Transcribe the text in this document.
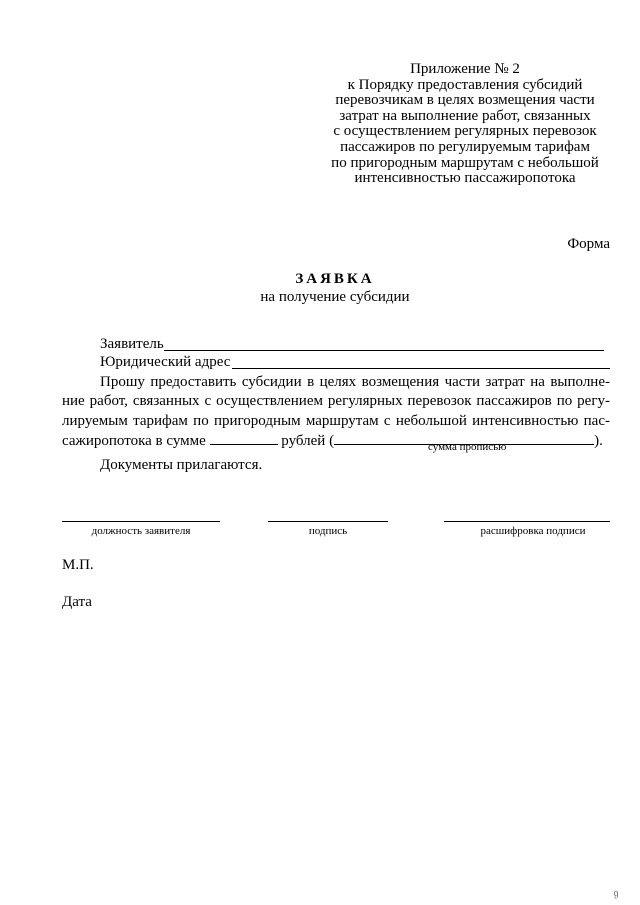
Приложение № 2
к Порядку предоставления субсидий
перевозчикам в целях возмещения части
затрат на выполнение работ, связанных
с осуществлением регулярных перевозок
пассажиров по регулируемым тарифам
по пригородным маршрутам с небольшой
интенсивностью пассажиропотока
Форма
ЗАЯВКА
на получение субсидии
Заявитель
Юридический адрес
Прошу предоставить субсидии в целях возмещения части затрат на выполне-
ние работ, связанных с осуществлением регулярных перевозок пассажиров по регу-
лируемым тарифам по пригородным маршрутам с небольшой интенсивностью пас-
сажиропотока в сумме	рублей (	).
сумма прописью
Документы прилагаются.
должность заявителя	подпись	расшифровка подписи
М.П.
Дата
ℊ
